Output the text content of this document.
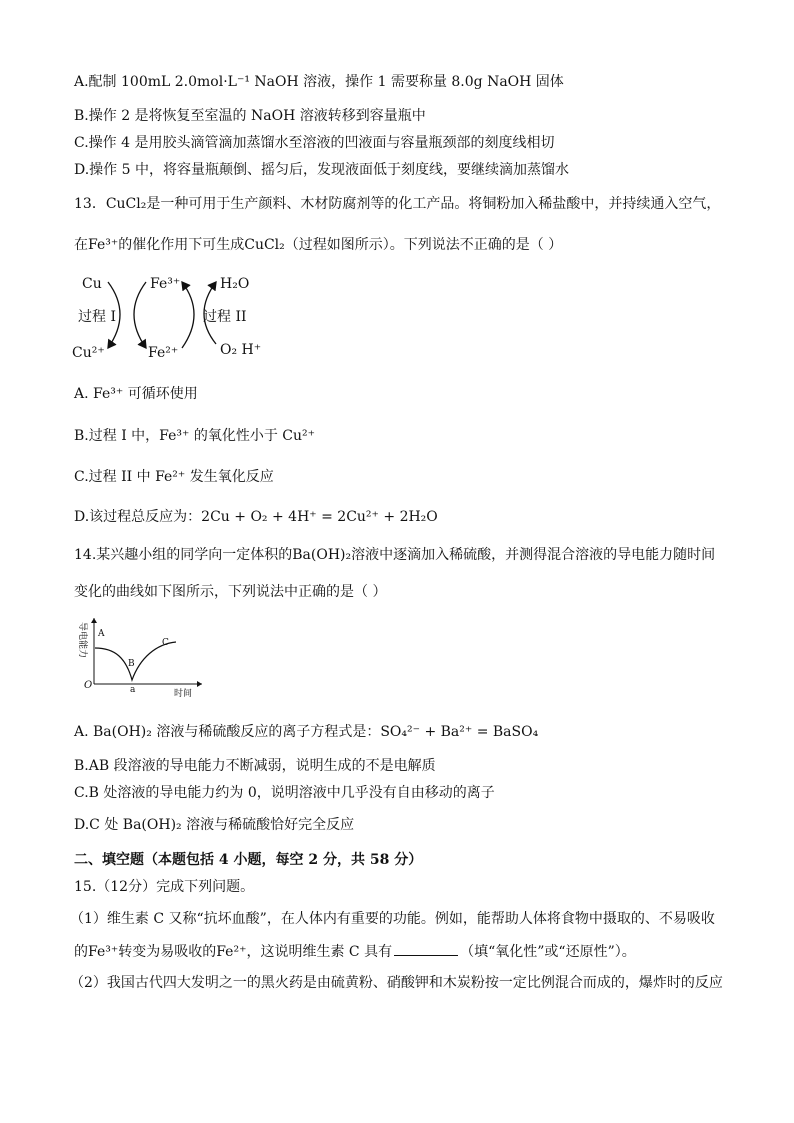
A.配制 100mL 2.0mol·L⁻¹ NaOH 溶液，操作 1 需要称量 8.0g NaOH 固体
B.操作 2 是将恢复至室温的 NaOH 溶液转移到容量瓶中
C.操作 4 是用胶头滴管滴加蒸馏水至溶液的凹液面与容量瓶颈部的刻度线相切
D.操作 5 中，将容量瓶颠倒、摇匀后，发现液面低于刻度线，要继续滴加蒸馏水
13．CuCl₂是一种可用于生产颜料、木材防腐剂等的化工产品。将铜粉加入稀盐酸中，并持续通入空气，
在Fe³⁺的催化作用下可生成CuCl₂（过程如图所示）。下列说法不正确的是（ ）
Cu	Fe³⁺	H₂O
过程 I	过程 II
Cu²⁺	Fe²⁺	O₂ H⁺
A. Fe³⁺ 可循环使用
B.过程 I 中，Fe³⁺ 的氧化性小于 Cu²⁺
C.过程 II 中 Fe²⁺ 发生氧化反应
D.该过程总反应为：2Cu + O₂ + 4H⁺ = 2Cu²⁺ + 2H₂O
14.某兴趣小组的同学向一定体积的Ba(OH)₂溶液中逐滴加入稀硫酸，并测得混合溶液的导电能力随时间
变化的曲线如下图所示，下列说法中正确的是（ ）
导电能力
时间
O
A
B
C
a
A. Ba(OH)₂ 溶液与稀硫酸反应的离子方程式是：SO₄²⁻ + Ba²⁺ = BaSO₄
B.AB 段溶液的导电能力不断减弱，说明生成的不是电解质
C.B 处溶液的导电能力约为 0，说明溶液中几乎没有自由移动的离子
D.C 处 Ba(OH)₂ 溶液与稀硫酸恰好完全反应
二、填空题（本题包括 4 小题，每空 2 分，共 58 分）
15.（12分）完成下列问题。
（1）维生素 C 又称“抗坏血酸”，在人体内有重要的功能。例如，能帮助人体将食物中摄取的、不易吸收
的Fe³⁺转变为易吸收的Fe²⁺，这说明维生素 C 具有	（填“氧化性”或“还原性”）。
（2）我国古代四大发明之一的黑火药是由硫黄粉、硝酸钾和木炭粉按一定比例混合而成的，爆炸时的反应
